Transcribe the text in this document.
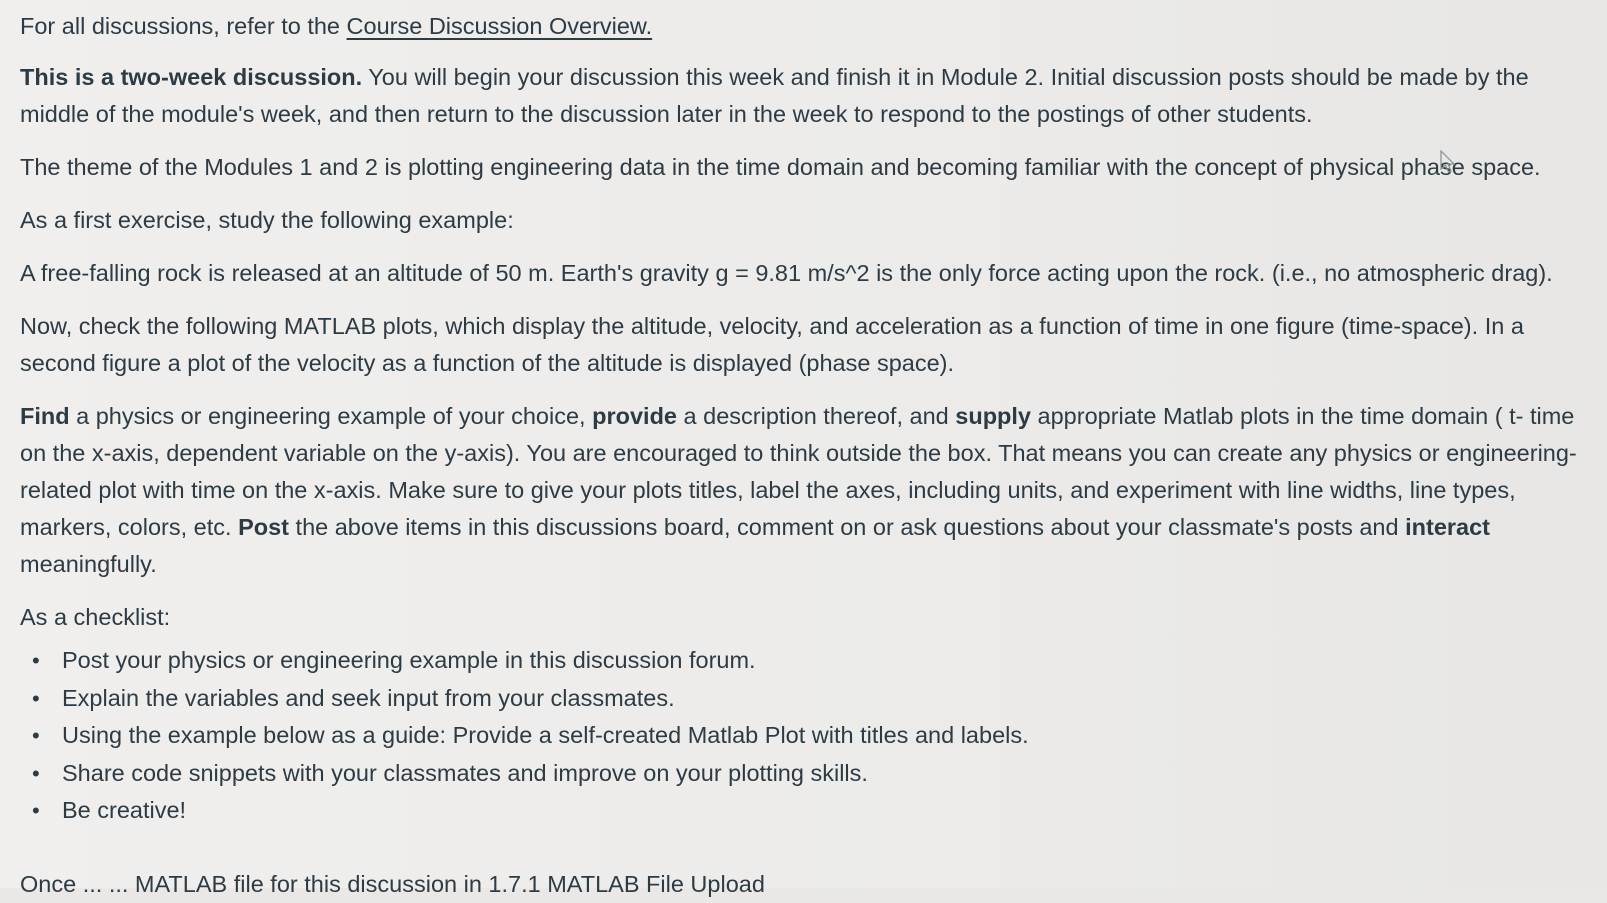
For all discussions, refer to the Course Discussion Overview.

This is a two-week discussion. You will begin your discussion this week and finish it in Module 2. Initial discussion posts should be made by the middle of the module's week, and then return to the discussion later in the week to respond to the postings of other students.

The theme of the Modules 1 and 2 is plotting engineering data in the time domain and becoming familiar with the concept of physical phase space.

As a first exercise, study the following example:

A free-falling rock is released at an altitude of 50 m. Earth's gravity g = 9.81 m/s^2 is the only force acting upon the rock. (i.e., no atmospheric drag).

Now, check the following MATLAB plots, which display the altitude, velocity, and acceleration as a function of time in one figure (time-space). In a second figure a plot of the velocity as a function of the altitude is displayed (phase space).

Find a physics or engineering example of your choice, provide a description thereof, and supply appropriate Matlab plots in the time domain ( t- time on the x-axis, dependent variable on the y-axis). You are encouraged to think outside the box. That means you can create any physics or engineering-related plot with time on the x-axis. Make sure to give your plots titles, label the axes, including units, and experiment with line widths, line types, markers, colors, etc. Post the above items in this discussions board, comment on or ask questions about your classmate's posts and interact meaningfully.

As a checklist:

• Post your physics or engineering example in this discussion forum.
• Explain the variables and seek input from your classmates.
• Using the example below as a guide: Provide a self-created Matlab Plot with titles and labels.
• Share code snippets with your classmates and improve on your plotting skills.
• Be creative!
Once ... ... MATLAB file for this discussion in 1.7.1 MATLAB File Upload
